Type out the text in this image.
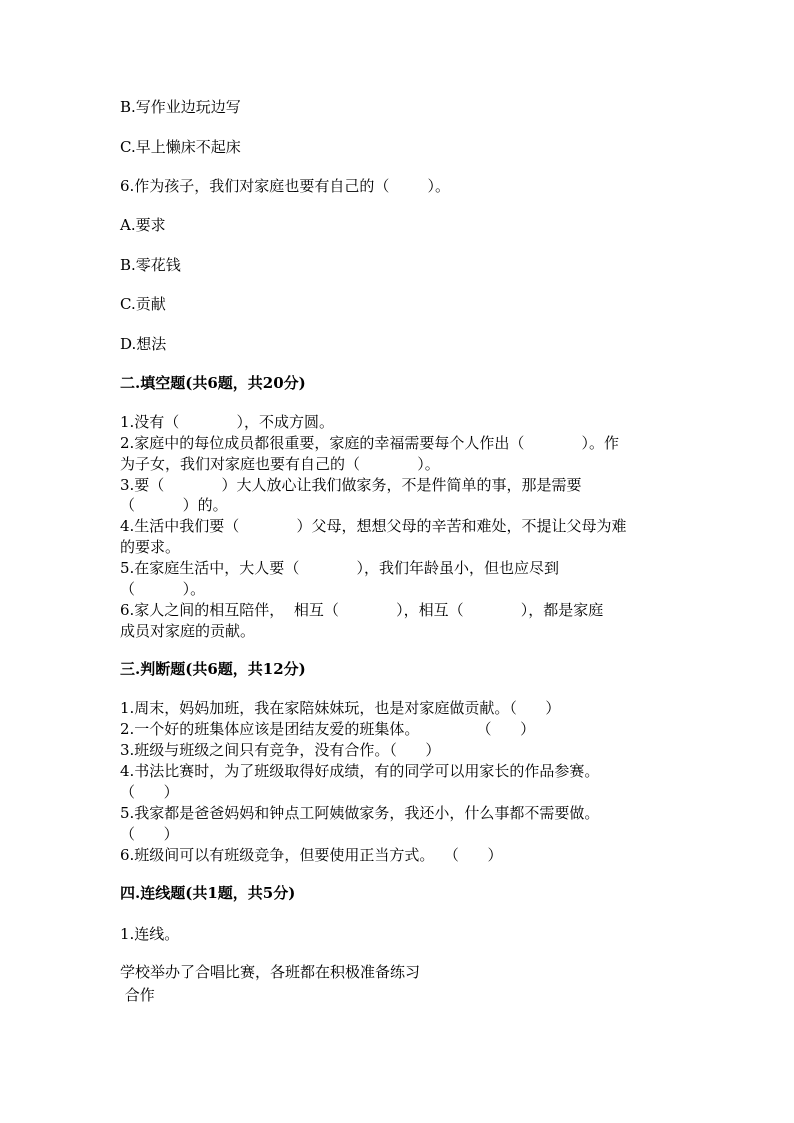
B.写作业边玩边写

C.早上懒床不起床

6.作为孩子，我们对家庭也要有自己的（        ）。

A.要求

B.零花钱

C.贡献

D.想法

二.填空题(共6题，共20分)

1.没有（            ），不成方圆。

2.家庭中的每位成员都很重要，家庭的幸福需要每个人作出（            ）。作

为子女，我们对家庭也要有自己的（            ）。

3.要（            ）大人放心让我们做家务，不是件简单的事，那是需要

（          ）的。

4.生活中我们要（            ）父母，想想父母的辛苦和难处，不提让父母为难

的要求。

5.在家庭生活中，大人要（            ），我们年龄虽小，但也应尽到

（          ）。

6.家人之间的相互陪伴，  相互（            ），相互（            ），都是家庭

成员对家庭的贡献。

三.判断题(共6题，共12分)

1.周末，妈妈加班，我在家陪妹妹玩，也是对家庭做贡献。（      ）

2.一个好的班集体应该是团结友爱的班集体。            （      ）

3.班级与班级之间只有竞争，没有合作。（      ）

4.书法比赛时，为了班级取得好成绩，有的同学可以用家长的作品参赛。

（      ）

5.我家都是爸爸妈妈和钟点工阿姨做家务，我还小，什么事都不需要做。

（      ）

6.班级间可以有班级竞争，但要使用正当方式。  （      ）

四.连线题(共1题，共5分)

1.连线。

学校举办了合唱比赛，各班都在积极准备练习

合作
